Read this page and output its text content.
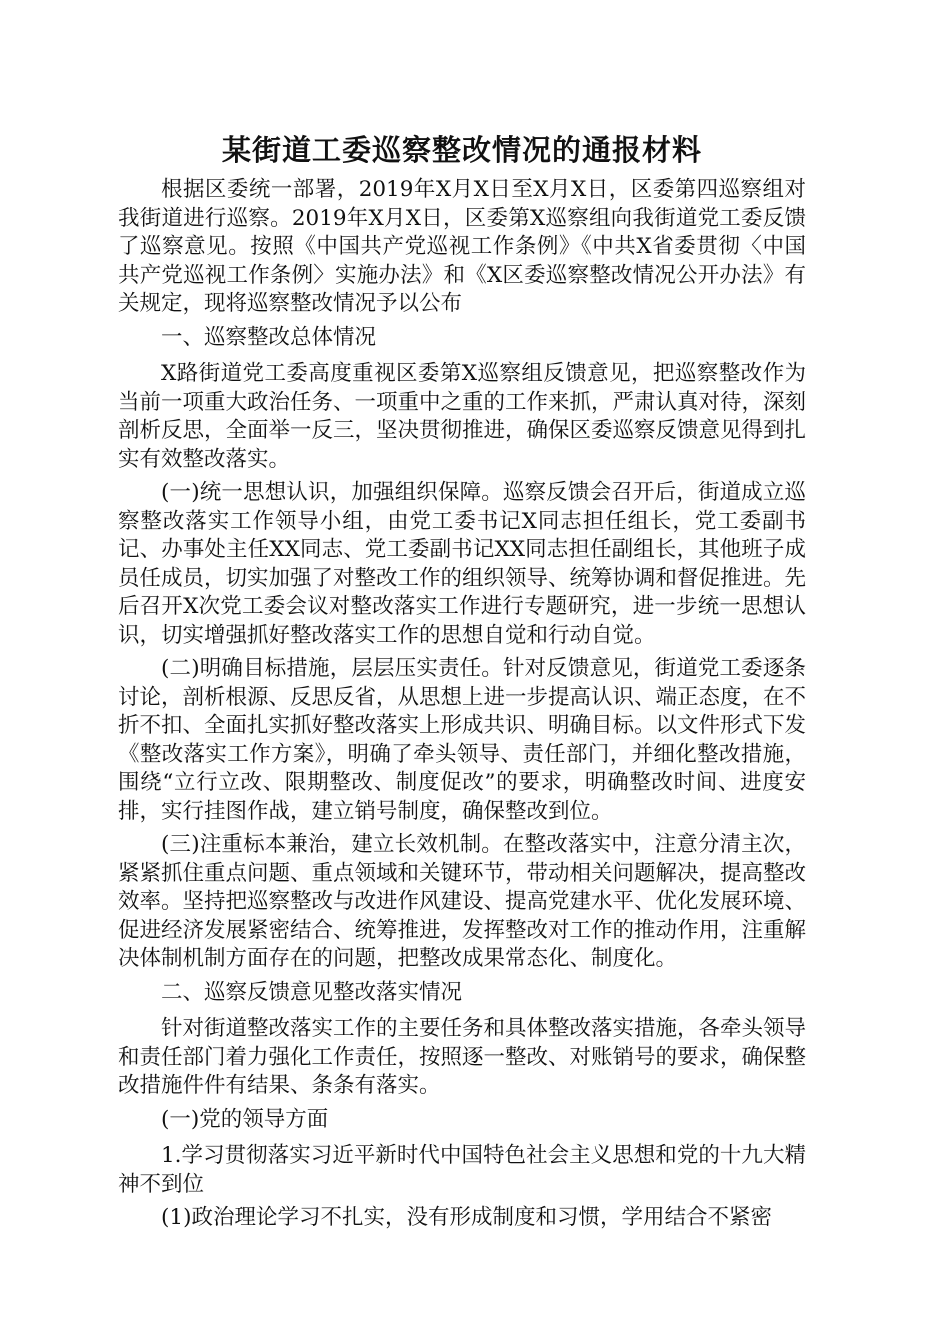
某街道工委巡察整改情况的通报材料

根据区委统一部署，2019年X月X日至X月X日，区委第四巡察组对我街道进行巡察。2019年X月X日，区委第X巡察组向我街道党工委反馈了巡察意见。按照《中国共产党巡视工作条例》《中共X省委贯彻〈中国共产党巡视工作条例〉实施办法》和《X区委巡察整改情况公开办法》有关规定，现将巡察整改情况予以公布

一、巡察整改总体情况

X路街道党工委高度重视区委第X巡察组反馈意见，把巡察整改作为当前一项重大政治任务、一项重中之重的工作来抓，严肃认真对待，深刻剖析反思，全面举一反三，坚决贯彻推进，确保区委巡察反馈意见得到扎实有效整改落实。

(一)统一思想认识，加强组织保障。巡察反馈会召开后，街道成立巡察整改落实工作领导小组，由党工委书记X同志担任组长，党工委副书记、办事处主任XX同志、党工委副书记XX同志担任副组长，其他班子成员任成员，切实加强了对整改工作的组织领导、统筹协调和督促推进。先后召开X次党工委会议对整改落实工作进行专题研究，进一步统一思想认识，切实增强抓好整改落实工作的思想自觉和行动自觉。

(二)明确目标措施，层层压实责任。针对反馈意见，街道党工委逐条讨论，剖析根源、反思反省，从思想上进一步提高认识、端正态度，在不折不扣、全面扎实抓好整改落实上形成共识、明确目标。以文件形式下发《整改落实工作方案》，明确了牵头领导、责任部门，并细化整改措施，围绕“立行立改、限期整改、制度促改”的要求，明确整改时间、进度安排，实行挂图作战，建立销号制度，确保整改到位。

(三)注重标本兼治，建立长效机制。在整改落实中，注意分清主次，紧紧抓住重点问题、重点领域和关键环节，带动相关问题解决，提高整改效率。坚持把巡察整改与改进作风建设、提高党建水平、优化发展环境、促进经济发展紧密结合、统筹推进，发挥整改对工作的推动作用，注重解决体制机制方面存在的问题，把整改成果常态化、制度化。

二、巡察反馈意见整改落实情况

针对街道整改落实工作的主要任务和具体整改落实措施，各牵头领导和责任部门着力强化工作责任，按照逐一整改、对账销号的要求，确保整改措施件件有结果、条条有落实。

(一)党的领导方面

1.学习贯彻落实习近平新时代中国特色社会主义思想和党的十九大精神不到位

(1)政治理论学习不扎实，没有形成制度和习惯，学用结合不紧密
